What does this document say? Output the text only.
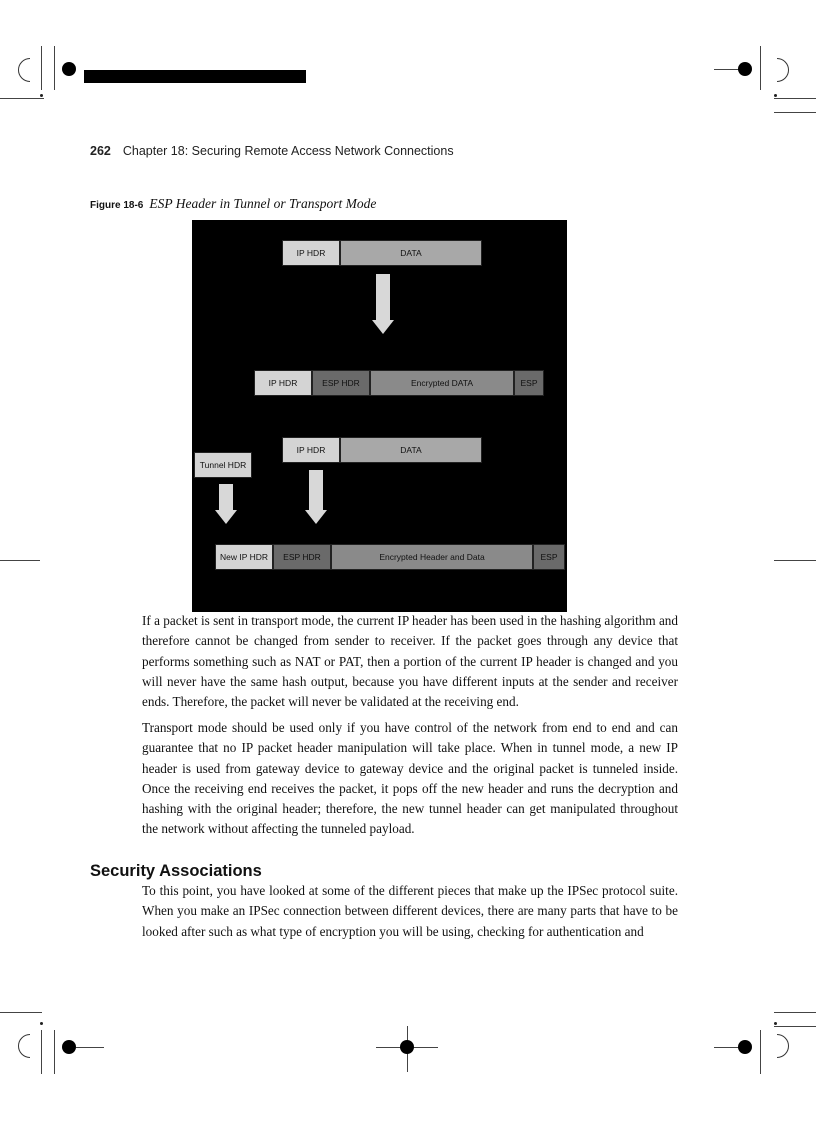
262 Chapter 18: Securing Remote Access Network Connections
Figure 18-6 ESP Header in Tunnel or Transport Mode
IP HDR	DATA
IP HDR	ESP HDR	Encrypted DATA	ESP
IP HDR	DATA
Tunnel HDR
New IP HDR	ESP HDR	Encrypted Header and Data	ESP
If a packet is sent in transport mode, the current IP header has been used in the hashing algorithm and therefore cannot be changed from sender to receiver. If the packet goes through any device that performs something such as NAT or PAT, then a portion of the current IP header is changed and you will never have the same hash output, because you have different inputs at the sender and receiver ends. Therefore, the packet will never be validated at the receiving end.
Transport mode should be used only if you have control of the network from end to end and can guarantee that no IP packet header manipulation will take place. When in tunnel mode, a new IP header is used from gateway device to gateway device and the original packet is tunneled inside. Once the receiving end receives the packet, it pops off the new header and runs the decryption and hashing with the original header; therefore, the new tunnel header can get manipulated throughout the network without affecting the tunneled payload.
Security Associations
To this point, you have looked at some of the different pieces that make up the IPSec protocol suite. When you make an IPSec connection between different devices, there are many parts that have to be looked after such as what type of encryption you will be using, checking for authentication and
